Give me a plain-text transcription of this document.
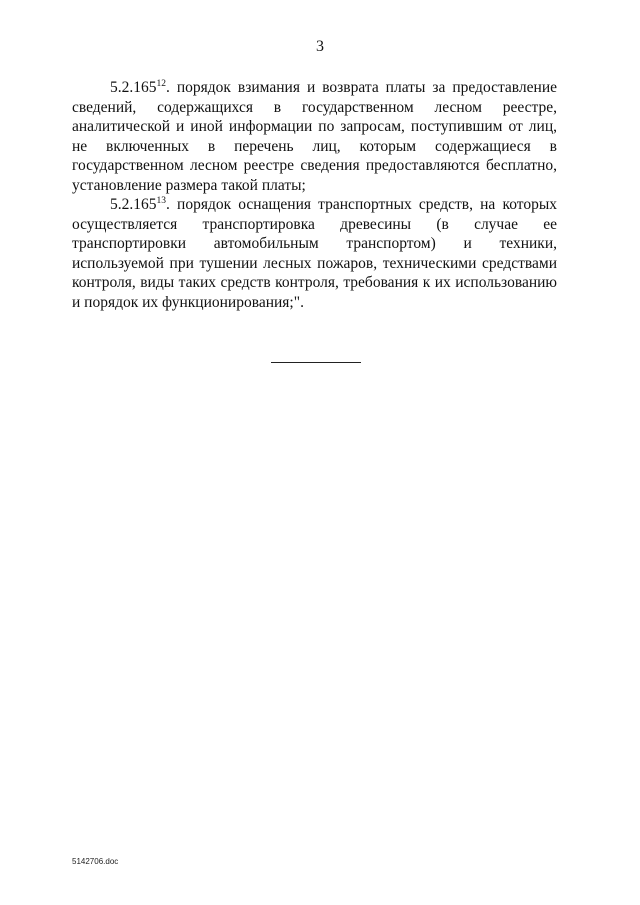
3

5.2.165$^{12}$. порядок взимания и возврата платы за предоставление сведений, содержащихся в государственном лесном реестре, аналитической и иной информации по запросам, поступившим от лиц, не включенных в перечень лиц, которым содержащиеся в государственном лесном реестре сведения предоставляются бесплатно, установление размера такой платы;

5.2.165$^{13}$. порядок оснащения транспортных средств, на которых осуществляется транспортировка древесины (в случае ее транспортировки автомобильным транспортом) и техники, используемой при тушении лесных пожаров, техническими средствами контроля, виды таких средств контроля, требования к их использованию и порядок их функционирования;".

5142706.doc
